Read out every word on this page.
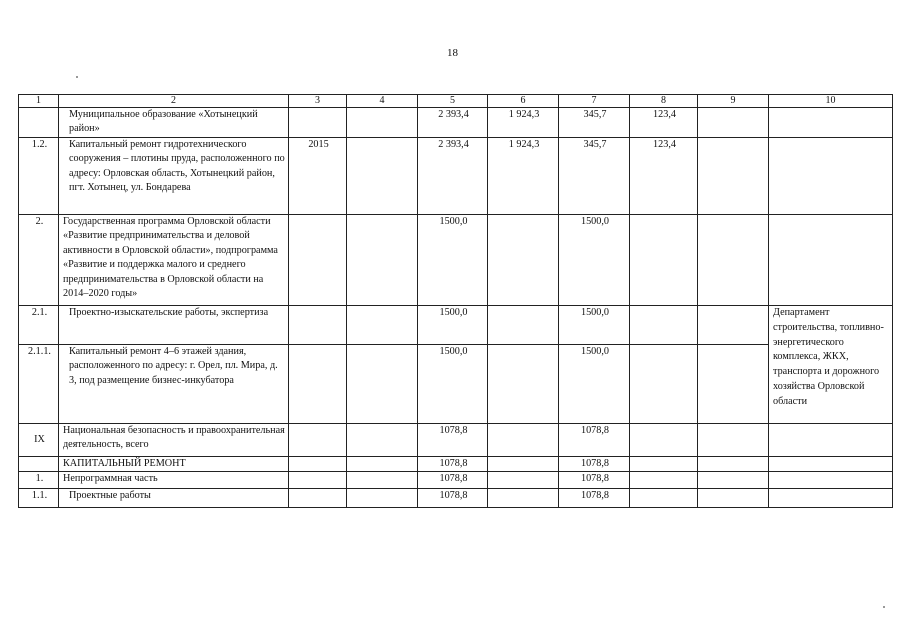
18
1	2	3	4	5	6	7	8	9	10
	Муниципальное образование «Хотынецкий район»			2 393,4	1 924,3	345,7	123,4		
1.2.	Капитальный ремонт гидротехнического сооружения – плотины пруда, расположенного по адресу: Орловская область, Хотынецкий район, пгт. Хотынец, ул. Бондарева	2015		2 393,4	1 924,3	345,7	123,4		
2.	Государственная программа Орловской области «Развитие предпринимательства и деловой активности в Орловской области», подпрограмма «Развитие и поддержка малого и среднего предпринимательства в Орловской области на 2014–2020 годы»			1500,0		1500,0			
2.1.	Проектно-изыскательские работы, экспертиза			1500,0		1500,0			Департамент строительства, топливно-энергетического комплекса, ЖКХ, транспорта и дорожного хозяйства Орловской области
2.1.1.	Капитальный ремонт 4–6 этажей здания, расположенного по адресу: г. Орел, пл. Мира, д. 3, под размещение бизнес-инкубатора			1500,0		1500,0			
IX	Национальная безопасность и правоохранительная деятельность, всего			1078,8		1078,8			
	КАПИТАЛЬНЫЙ РЕМОНТ			1078,8		1078,8			
1.	Непрограммная часть			1078,8		1078,8			
1.1.	Проектные работы			1078,8		1078,8			
